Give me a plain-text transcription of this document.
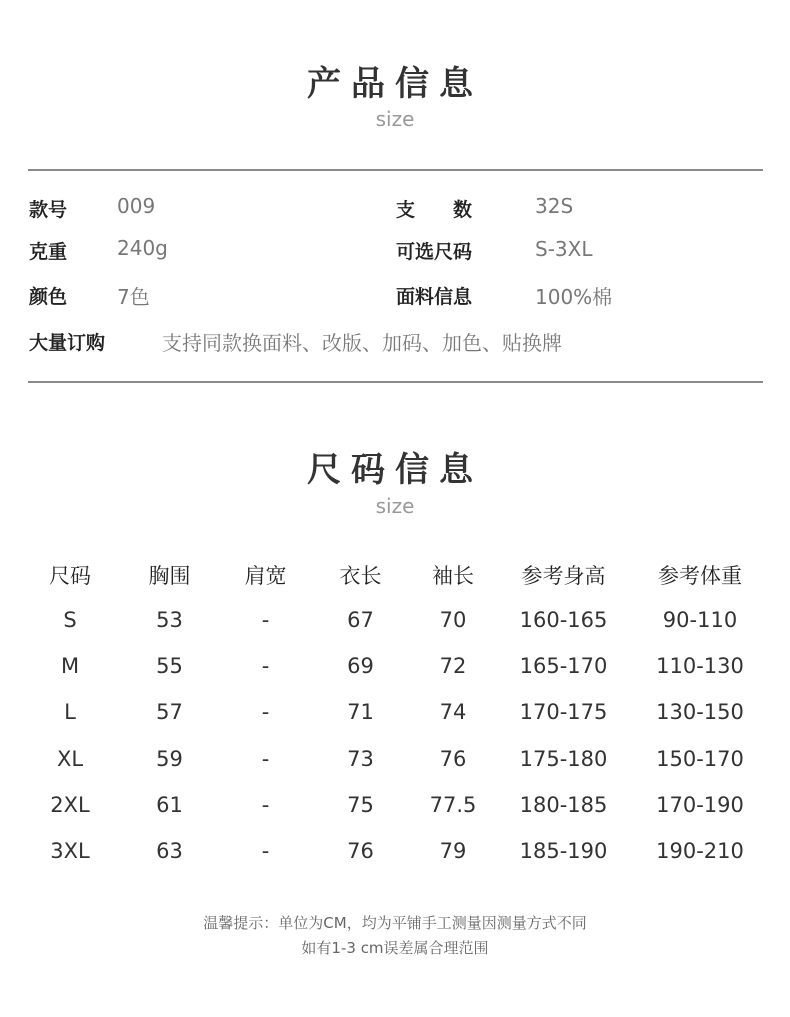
产品信息
size
款号 009	支　　数	32S
克重 240g	可选尺码	S-3XL
颜色 7色	面料信息	100%棉
大量订购	支持同款换面料、改版、加码、加色、贴换牌
尺码信息
size
尺码	胸围	肩宽	衣长	袖长	参考身高	参考体重
S	53	-	67	70	160-165	90-110
M	55	-	69	72	165-170	110-130
L	57	-	71	74	170-175	130-150
XL	59	-	73	76	175-180	150-170
2XL	61	-	75	77.5	180-185	170-190
3XL	63	-	76	79	185-190	190-210
温馨提示：单位为CM，均为平铺手工测量因测量方式不同
如有1-3 cm误差属合理范围
